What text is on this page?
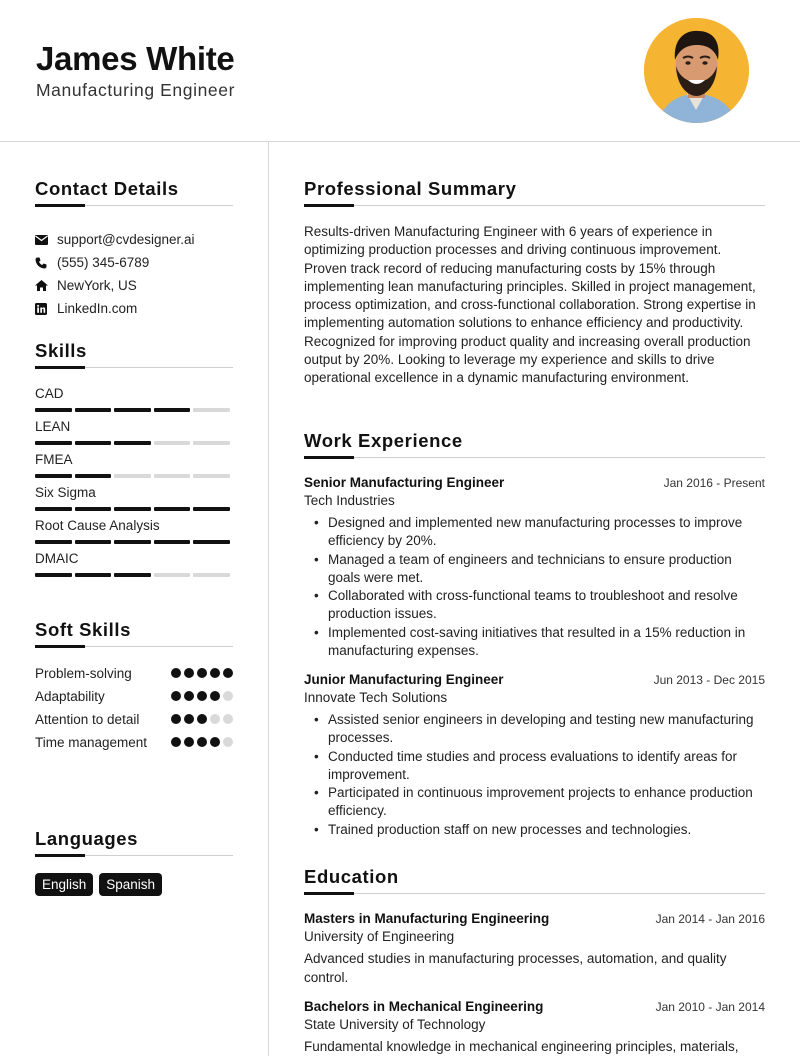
James White
Manufacturing Engineer
Contact Details
support@cvdesigner.ai
(555) 345-6789
NewYork, US
LinkedIn.com
Skills
CAD
LEAN
FMEA
Six Sigma
Root Cause Analysis
DMAIC
Soft Skills
Problem-solving
Adaptability
Attention to detail
Time management
Languages
English	Spanish
Professional Summary
Results-driven Manufacturing Engineer with 6 years of experience in optimizing production processes and driving continuous improvement. Proven track record of reducing manufacturing costs by 15% through implementing lean manufacturing principles. Skilled in project management, process optimization, and cross-functional collaboration. Strong expertise in implementing automation solutions to enhance efficiency and productivity. Recognized for improving product quality and increasing overall production output by 20%. Looking to leverage my experience and skills to drive operational excellence in a dynamic manufacturing environment.
Work Experience
Senior Manufacturing Engineer	Jan 2016 - Present
Tech Industries
• Designed and implemented new manufacturing processes to improve efficiency by 20%.
• Managed a team of engineers and technicians to ensure production goals were met.
• Collaborated with cross-functional teams to troubleshoot and resolve production issues.
• Implemented cost-saving initiatives that resulted in a 15% reduction in manufacturing expenses.
Junior Manufacturing Engineer	Jun 2013 - Dec 2015
Innovate Tech Solutions
• Assisted senior engineers in developing and testing new manufacturing processes.
• Conducted time studies and process evaluations to identify areas for improvement.
• Participated in continuous improvement projects to enhance production efficiency.
• Trained production staff on new processes and technologies.
Education
Masters in Manufacturing Engineering	Jan 2014 - Jan 2016
University of Engineering
Advanced studies in manufacturing processes, automation, and quality control.
Bachelors in Mechanical Engineering	Jan 2010 - Jan 2014
State University of Technology
Fundamental knowledge in mechanical engineering principles, materials,
